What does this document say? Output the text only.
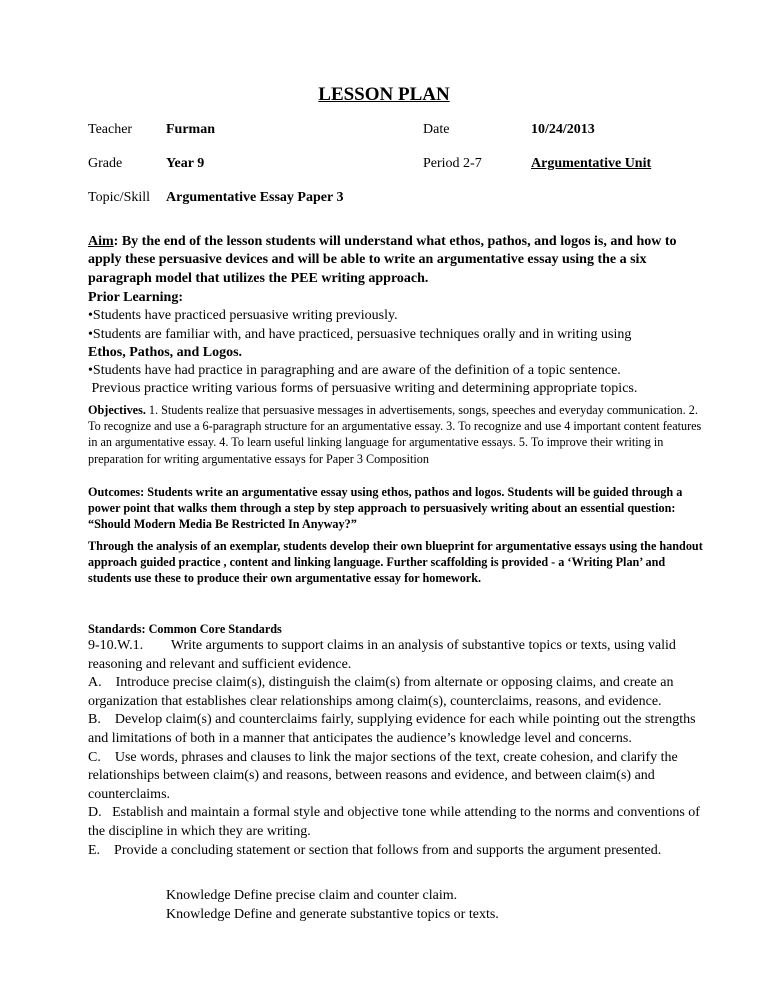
LESSON PLAN
Teacher Furman	Date	10/24/2013
Grade	Year 9	Period 2-7	Argumentative Unit
Topic/Skill Argumentative Essay Paper 3
Aim: By the end of the lesson students will understand what ethos, pathos, and logos is, and how to apply these persuasive devices and will be able to write an argumentative essay using the a six paragraph model that utilizes the PEE writing approach.
Prior Learning:
•Students have practiced persuasive writing previously.
•Students are familiar with, and have practiced, persuasive techniques orally and in writing using
Ethos, Pathos, and Logos.
•Students have had practice in paragraphing and are aware of the definition of a topic sentence.
Previous practice writing various forms of persuasive writing and determining appropriate topics.
Objectives. 1. Students realize that persuasive messages in advertisements, songs, speeches and everyday communication. 2. To recognize and use a 6-paragraph structure for an argumentative essay. 3. To recognize and use 4 important content features in an argumentative essay. 4. To learn useful linking language for argumentative essays. 5. To improve their writing in preparation for writing argumentative essays for Paper 3 Composition
Outcomes: Students write an argumentative essay using ethos, pathos and logos. Students will be guided through a power point that walks them through a step by step approach to persuasively writing about an essential question: “Should Modern Media Be Restricted In Anyway?”
Through the analysis of an exemplar, students develop their own blueprint for argumentative essays using the handout approach guided practice , content and linking language. Further scaffolding is provided - a ‘Writing Plan’ and students use these to produce their own argumentative essay for homework.
Standards: Common Core Standards
9-10.W.1.        Write arguments to support claims in an analysis of substantive topics or texts, using valid reasoning and relevant and sufficient evidence.
A.    Introduce precise claim(s), distinguish the claim(s) from alternate or opposing claims, and create an organization that establishes clear relationships among claim(s), counterclaims, reasons, and evidence.
B.    Develop claim(s) and counterclaims fairly, supplying evidence for each while pointing out the strengths and limitations of both in a manner that anticipates the audience’s knowledge level and concerns.
C.    Use words, phrases and clauses to link the major sections of the text, create cohesion, and clarify the relationships between claim(s) and reasons, between reasons and evidence, and between claim(s) and counterclaims.
D.   Establish and maintain a formal style and objective tone while attending to the norms and conventions of the discipline in which they are writing.
E.    Provide a concluding statement or section that follows from and supports the argument presented.
Knowledge Define precise claim and counter claim.
Knowledge Define and generate substantive topics or texts.
